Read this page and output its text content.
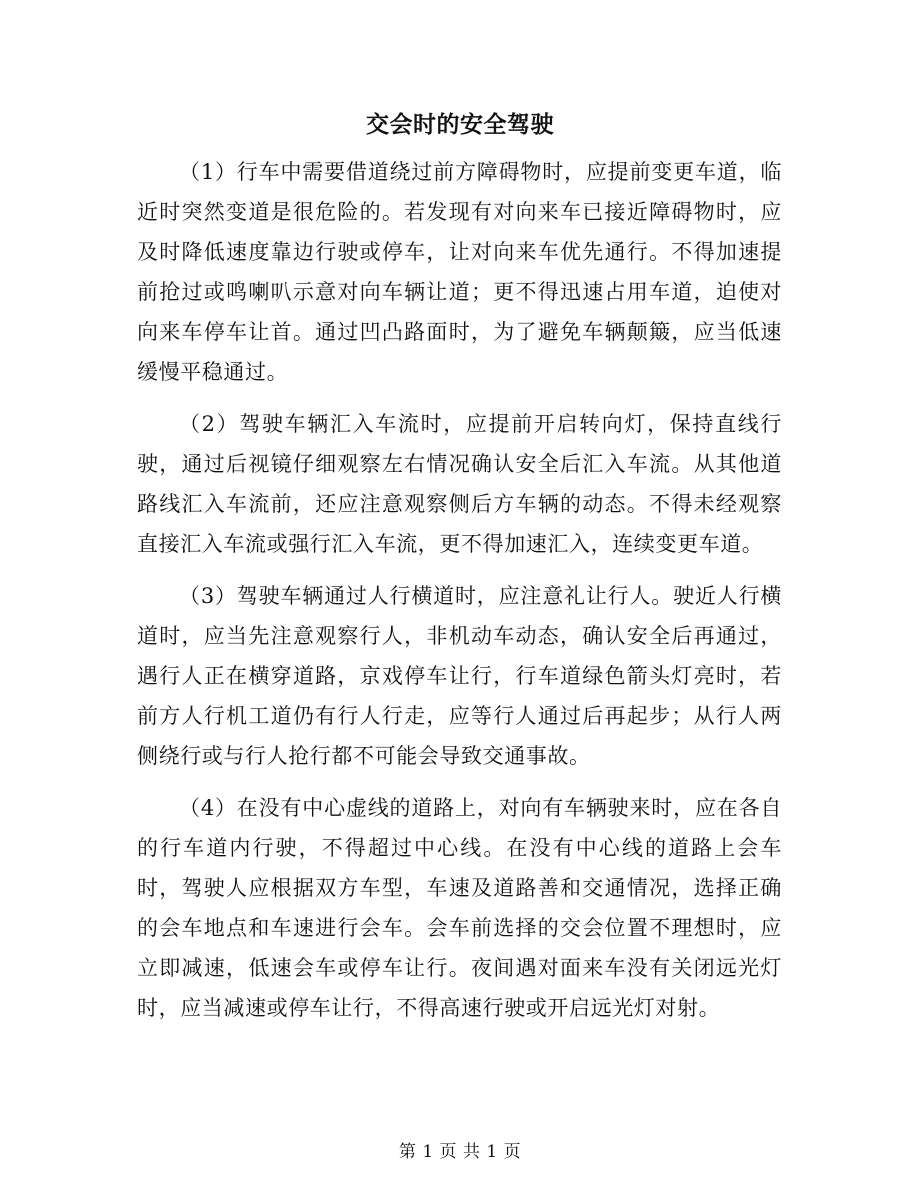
交会时的安全驾驶

（1）行车中需要借道绕过前方障碍物时，应提前变更车道，临近时突然变道是很危险的。若发现有对向来车已接近障碍物时，应及时降低速度靠边行驶或停车，让对向来车优先通行。不得加速提前抢过或鸣喇叭示意对向车辆让道；更不得迅速占用车道，迫使对向来车停车让首。通过凹凸路面时，为了避免车辆颠簸，应当低速缓慢平稳通过。

（2）驾驶车辆汇入车流时，应提前开启转向灯，保持直线行驶，通过后视镜仔细观察左右情况确认安全后汇入车流。从其他道路线汇入车流前，还应注意观察侧后方车辆的动态。不得未经观察直接汇入车流或强行汇入车流，更不得加速汇入，连续变更车道。

（3）驾驶车辆通过人行横道时，应注意礼让行人。驶近人行横道时，应当先注意观察行人，非机动车动态，确认安全后再通过，遇行人正在横穿道路，京戏停车让行，行车道绿色箭头灯亮时，若前方人行机工道仍有行人行走，应等行人通过后再起步；从行人两侧绕行或与行人抢行都不可能会导致交通事故。

（4）在没有中心虚线的道路上，对向有车辆驶来时，应在各自的行车道内行驶，不得超过中心线。在没有中心线的道路上会车时，驾驶人应根据双方车型，车速及道路善和交通情况，选择正确的会车地点和车速进行会车。会车前选择的交会位置不理想时，应立即减速，低速会车或停车让行。夜间遇对面来车没有关闭远光灯时，应当减速或停车让行，不得高速行驶或开启远光灯对射。

第 1 页 共 1 页
